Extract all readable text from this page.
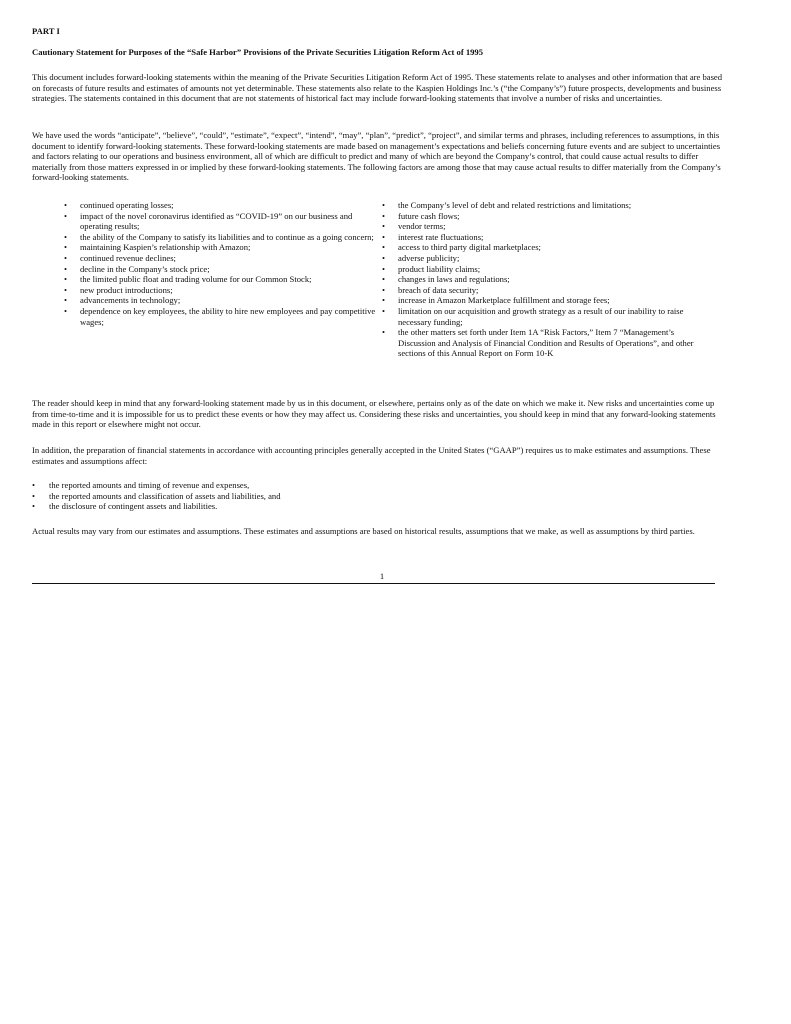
PART I
Cautionary Statement for Purposes of the “Safe Harbor” Provisions of the Private Securities Litigation Reform Act of 1995

This document includes forward-looking statements within the meaning of the Private Securities Litigation Reform Act of 1995. These statements relate to analyses and other information that are based on forecasts of future results and estimates of amounts not yet determinable. These statements also relate to the Kaspien Holdings Inc.’s (“the Company’s”) future prospects, developments and business strategies. The statements contained in this document that are not statements of historical fact may include forward-looking statements that involve a number of risks and uncertainties.

We have used the words “anticipate”, “believe”, “could”, “estimate”, “expect”, “intend”, “may”, “plan”, “predict”, “project”, and similar terms and phrases, including references to assumptions, in this document to identify forward-looking statements. These forward-looking statements are made based on management’s expectations and beliefs concerning future events and are subject to uncertainties and factors relating to our operations and business environment, all of which are difficult to predict and many of which are beyond the Company’s control, that could cause actual results to differ materially from those matters expressed in or implied by these forward-looking statements. The following factors are among those that may cause actual results to differ materially from the Company’s forward-looking statements.

• continued operating losses;
• impact of the novel coronavirus identified as “COVID-19” on our business and operating results;
• the ability of the Company to satisfy its liabilities and to continue as a going concern;
• maintaining Kaspien’s relationship with Amazon;
• continued revenue declines;
• decline in the Company’s stock price;
• the limited public float and trading volume for our Common Stock;
• new product introductions;
• advancements in technology;
• dependence on key employees, the ability to hire new employees and pay competitive wages;
• the Company’s level of debt and related restrictions and limitations;
• future cash flows;
• vendor terms;
• interest rate fluctuations;
• access to third party digital marketplaces;
• adverse publicity;
• product liability claims;
• changes in laws and regulations;
• breach of data security;
• increase in Amazon Marketplace fulfillment and storage fees;
• limitation on our acquisition and growth strategy as a result of our inability to raise necessary funding;
• the other matters set forth under Item 1A “Risk Factors,” Item 7 “Management’s Discussion and Analysis of Financial Condition and Results of Operations”, and other sections of this Annual Report on Form 10-K

The reader should keep in mind that any forward-looking statement made by us in this document, or elsewhere, pertains only as of the date on which we make it. New risks and uncertainties come up from time-to-time and it is impossible for us to predict these events or how they may affect us. Considering these risks and uncertainties, you should keep in mind that any forward-looking statements made in this report or elsewhere might not occur.

In addition, the preparation of financial statements in accordance with accounting principles generally accepted in the United States (“GAAP”) requires us to make estimates and assumptions. These estimates and assumptions affect:

• the reported amounts and timing of revenue and expenses,
• the reported amounts and classification of assets and liabilities, and
• the disclosure of contingent assets and liabilities.

Actual results may vary from our estimates and assumptions. These estimates and assumptions are based on historical results, assumptions that we make, as well as assumptions by third parties.

1
